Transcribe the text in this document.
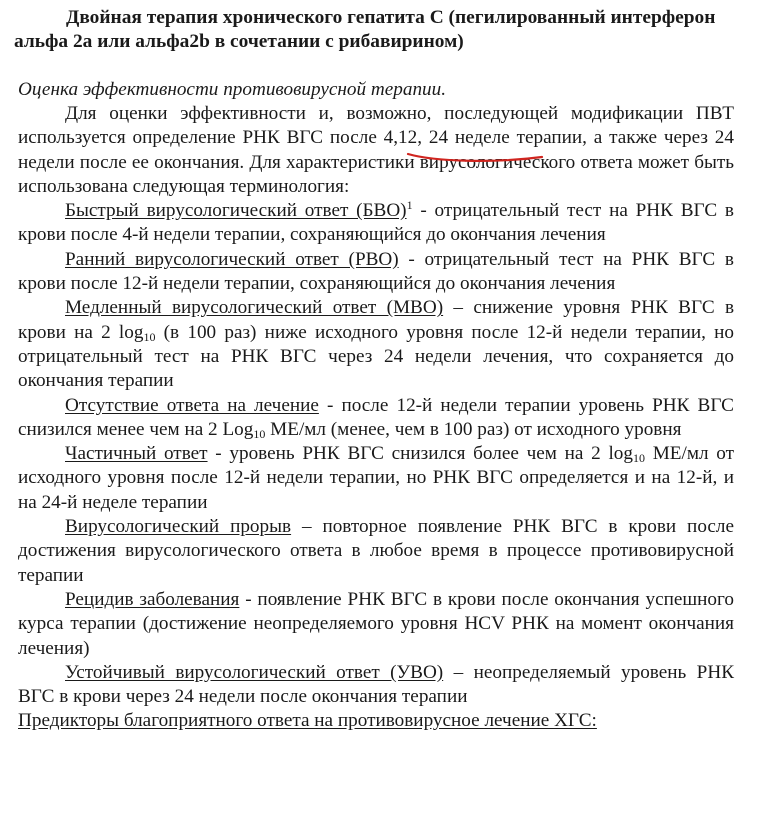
Двойная терапия хронического гепатита С (пегилированный интерферон альфа 2а или альфа2b в сочетании с рибавирином)
Оценка эффективности противовирусной терапии.

Для оценки эффективности и, возможно, последующей модификации ПВТ используется определение РНК ВГС после 4,12, 24 неделе терапии, а также через 24 недели после ее окончания. Для характеристики вирусологического ответа может быть использована следующая терминология:

Быстрый вирусологический ответ (БВО)$^1$ - отрицательный тест на РНК ВГС в крови после 4-й недели терапии, сохраняющийся до окончания лечения

Ранний вирусологический ответ (РВО) - отрицательный тест на РНК ВГС в крови после 12-й недели терапии, сохраняющийся до окончания лечения

Медленный вирусологический ответ (МВО) – снижение уровня РНК ВГС в крови на 2 $\log_{10} (в$ 100 раз) ниже исходного уровня после 12-й недели терапии, но отрицательный тест на РНК ВГС через 24 недели лечения, что сохраняется до окончания терапии

Отсутствие ответа на лечение - после 12-й недели терапии уровень РНК ВГС снизился менее чем на 2 Log$_{10}$ МЕ/мл (менее, чем в 100 раз) от исходного уровня

Частичный ответ - уровень РНК ВГС снизился более чем на 2 $\log_{10} МЕ/мл$ от исходного уровня после 12-й недели терапии, но РНК ВГС определяется и на 12-й, и на 24-й неделе терапии

Вирусологический прорыв – повторное появление РНК ВГС в крови после достижения вирусологического ответа в любое время в процессе противовирусной терапии

Рецидив заболевания - появление РНК ВГС в крови после окончания успешного курса терапии (достижение неопределяемого уровня HCV РНК на момент окончания лечения)

Устойчивый вирусологический ответ (УВО) – неопределяемый уровень РНК ВГС в крови через 24 недели после окончания терапии

Предикторы благоприятного ответа на противовирусное лечение ХГС:
